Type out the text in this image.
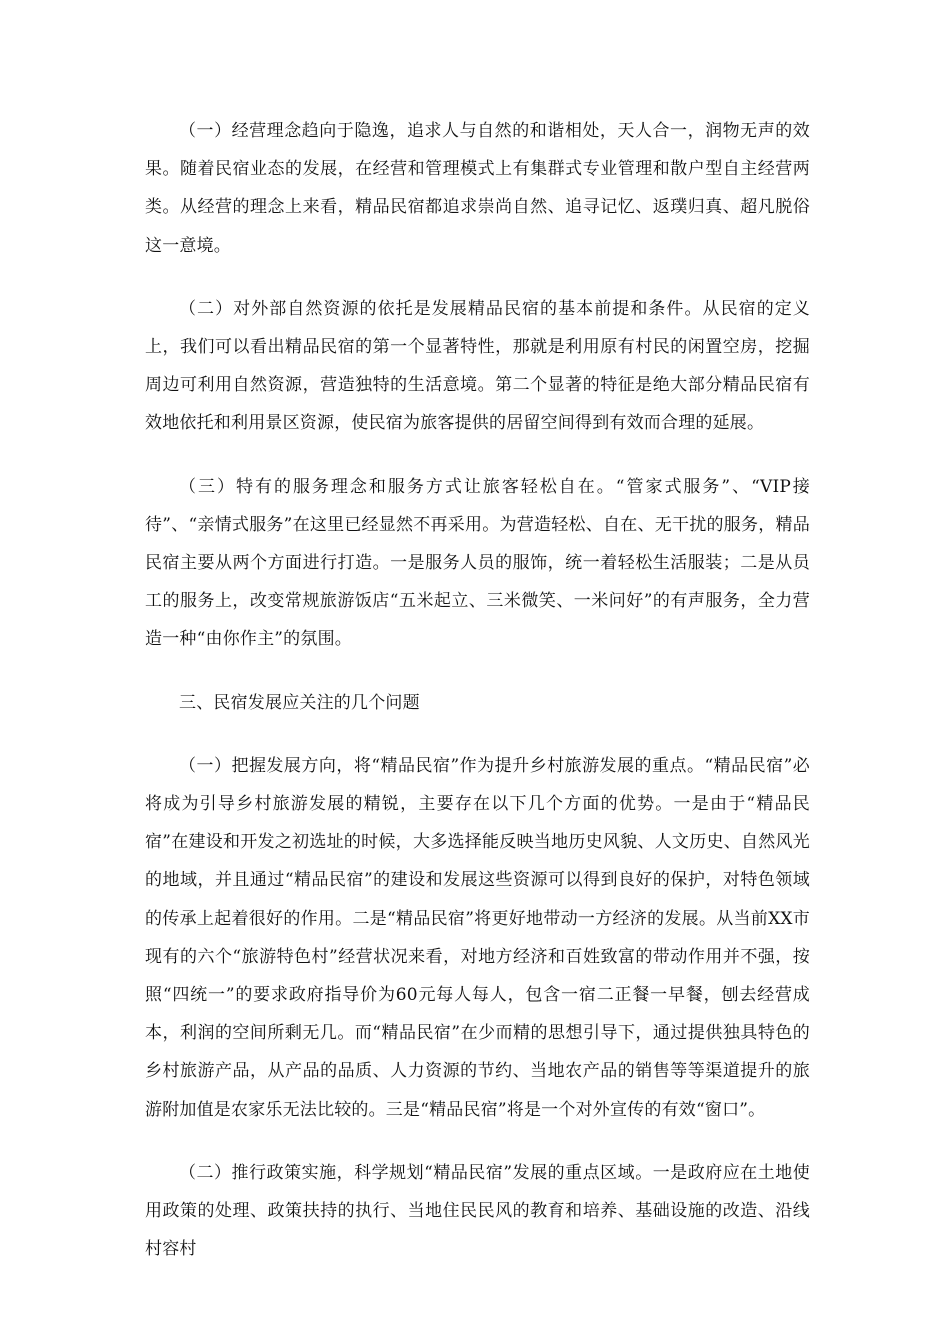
（一）经营理念趋向于隐逸，追求人与自然的和谐相处，天人合一，润物无声的效果。随着民宿业态的发展，在经营和管理模式上有集群式专业管理和散户型自主经营两类。从经营的理念上来看，精品民宿都追求崇尚自然、追寻记忆、返璞归真、超凡脱俗这一意境。

（二）对外部自然资源的依托是发展精品民宿的基本前提和条件。从民宿的定义上，我们可以看出精品民宿的第一个显著特性，那就是利用原有村民的闲置空房，挖掘周边可利用自然资源，营造独特的生活意境。第二个显著的特征是绝大部分精品民宿有效地依托和利用景区资源，使民宿为旅客提供的居留空间得到有效而合理的延展。

（三）特有的服务理念和服务方式让旅客轻松自在。“管家式服务”、“VIP接待”、“亲情式服务”在这里已经显然不再采用。为营造轻松、自在、无干扰的服务，精品民宿主要从两个方面进行打造。一是服务人员的服饰，统一着轻松生活服装；二是从员工的服务上，改变常规旅游饭店“五米起立、三米微笑、一米问好”的有声服务，全力营造一种“由你作主”的氛围。

三、民宿发展应关注的几个问题

（一）把握发展方向，将“精品民宿”作为提升乡村旅游发展的重点。“精品民宿”必将成为引导乡村旅游发展的精锐，主要存在以下几个方面的优势。一是由于“精品民宿”在建设和开发之初选址的时候，大多选择能反映当地历史风貌、人文历史、自然风光的地域，并且通过“精品民宿”的建设和发展这些资源可以得到良好的保护，对特色领域的传承上起着很好的作用。二是“精品民宿”将更好地带动一方经济的发展。从当前XX市现有的六个“旅游特色村”经营状况来看，对地方经济和百姓致富的带动作用并不强，按照“四统一”的要求政府指导价为60元每人每人，包含一宿二正餐一早餐，刨去经营成本，利润的空间所剩无几。而“精品民宿”在少而精的思想引导下，通过提供独具特色的乡村旅游产品，从产品的品质、人力资源的节约、当地农产品的销售等等渠道提升的旅游附加值是农家乐无法比较的。三是“精品民宿”将是一个对外宣传的有效“窗口”。

（二）推行政策实施，科学规划“精品民宿”发展的重点区域。一是政府应在土地使用政策的处理、政策扶持的执行、当地住民民风的教育和培养、基础设施的改造、沿线村容村
